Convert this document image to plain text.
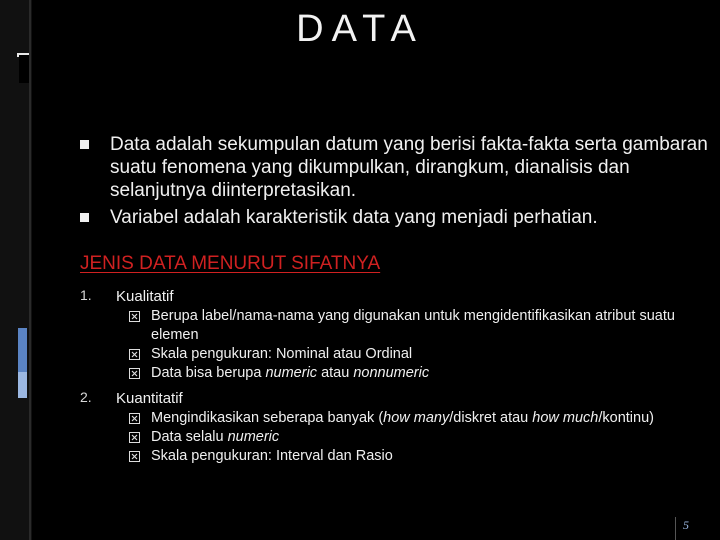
DATA
Data adalah sekumpulan datum yang berisi fakta-fakta serta gambaran suatu fenomena yang dikumpulkan, dirangkum, dianalisis dan selanjutnya diinterpretasikan.
Variabel adalah karakteristik data yang menjadi perhatian.
JENIS DATA MENURUT SIFATNYA
1. Kualitatif
Berupa label/nama-nama yang digunakan untuk mengidentifikasikan atribut suatu elemen
Skala pengukuran: Nominal atau Ordinal
Data bisa berupa numeric atau nonnumeric
2. Kuantitatif
Mengindikasikan seberapa banyak (how many/diskret atau how much/kontinu)
Data selalu numeric
Skala pengukuran: Interval dan Rasio
5
